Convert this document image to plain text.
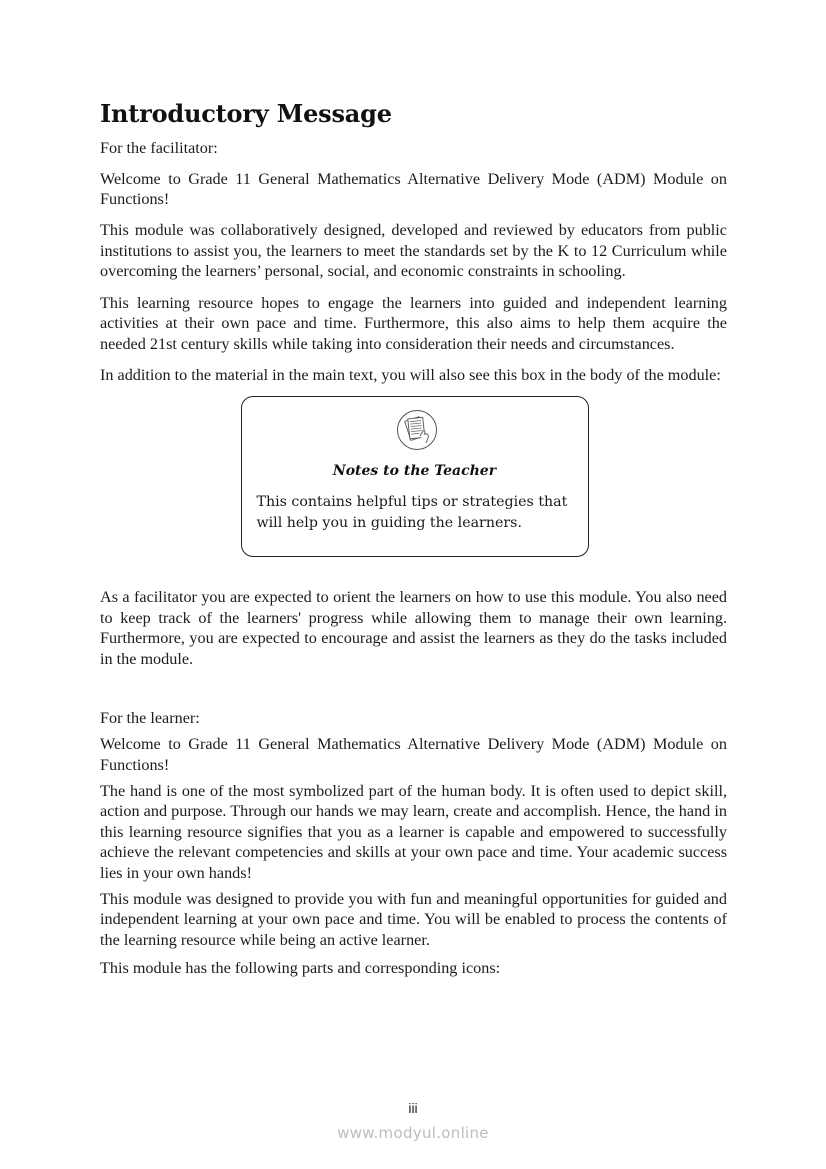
Introductory Message

For the facilitator:

Welcome to Grade 11 General Mathematics Alternative Delivery Mode (ADM) Module on Functions!

This module was collaboratively designed, developed and reviewed by educators from public institutions to assist you, the learners to meet the standards set by the K to 12 Curriculum while overcoming the learners’ personal, social, and economic constraints in schooling.

This learning resource hopes to engage the learners into guided and independent learning activities at their own pace and time. Furthermore, this also aims to help them acquire the needed 21st century skills while taking into consideration their needs and circumstances.

In addition to the material in the main text, you will also see this box in the body of the module:

Notes to the Teacher

This contains helpful tips or strategies that will help you in guiding the learners.

As a facilitator you are expected to orient the learners on how to use this module. You also need to keep track of the learners' progress while allowing them to manage their own learning. Furthermore, you are expected to encourage and assist the learners as they do the tasks included in the module.

For the learner:

Welcome to Grade 11 General Mathematics Alternative Delivery Mode (ADM) Module on Functions!

The hand is one of the most symbolized part of the human body. It is often used to depict skill, action and purpose. Through our hands we may learn, create and accomplish. Hence, the hand in this learning resource signifies that you as a learner is capable and empowered to successfully achieve the relevant competencies and skills at your own pace and time. Your academic success lies in your own hands!

This module was designed to provide you with fun and meaningful opportunities for guided and independent learning at your own pace and time. You will be enabled to process the contents of the learning resource while being an active learner.

This module has the following parts and corresponding icons:

iii
www.modyul.online
